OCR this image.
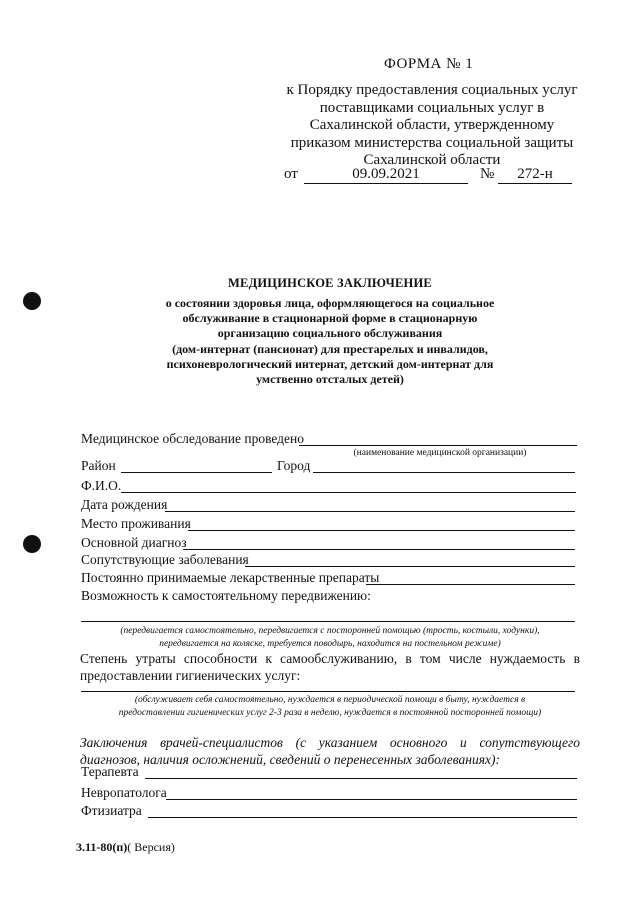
ФОРМА № 1
к Порядку предоставления социальных услуг
поставщиками социальных услуг в
Сахалинской области, утвержденному
приказом министерства социальной защиты
Сахалинской области
от	09.09.2021	№	272-н
МЕДИЦИНСКОЕ ЗАКЛЮЧЕНИЕ
о состоянии здоровья лица, оформляющегося на социальное
обслуживание в стационарной форме в стационарную
организацию социального обслуживания
(дом-интернат (пансионат) для престарелых и инвалидов,
психоневрологический интернат, детский дом-интернат для
умственно отсталых детей)
Медицинское обследование проведено
(наименование медицинской организации)
Район	Город
Ф.И.О.
Дата рождения
Место проживания
Основной диагноз
Сопутствующие заболевания
Постоянно принимаемые лекарственные препараты
Возможность к самостоятельному передвижению:
(передвигается самостоятельно, передвигается с посторонней помощью (трость, костыли, ходунки),
передвигается на коляске, требуется поводырь, находится на постельном режиме)
Степень утраты способности к самообслуживанию, в том числе нуждаемость в предоставлении гигиенических услуг:
(обслуживает себя самостоятельно, нуждается в периодической помощи в быту, нуждается в
предоставлении гигиенических услуг 2-3 раза в неделю, нуждается в постоянной посторонней помощи)
Заключения врачей-специалистов (с указанием основного и сопутствующего диагнозов, наличия осложнений, сведений о перенесенных заболеваниях):
Терапевта
Невропатолога
Фтизиатра
3.11-80(п)( Версия)
